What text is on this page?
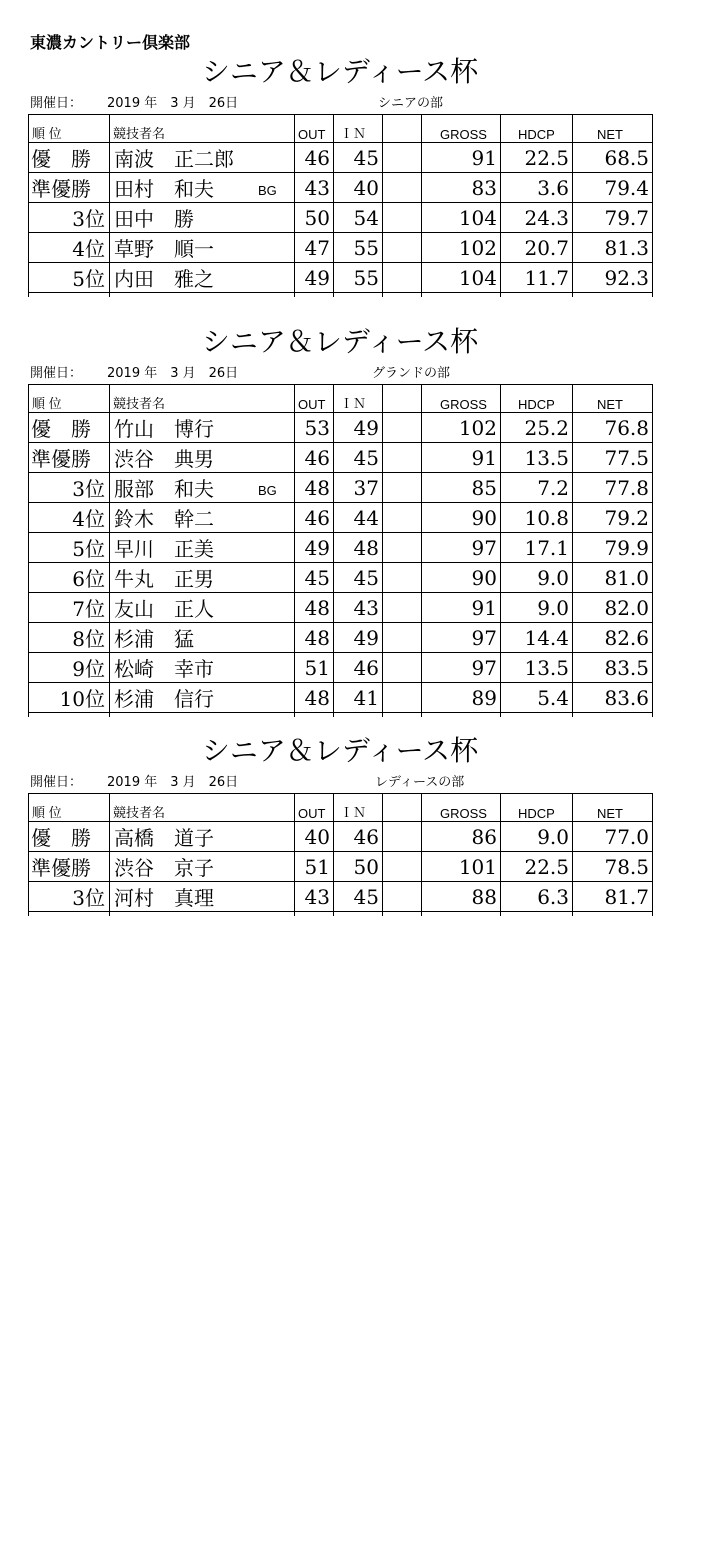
東濃カントリー倶楽部
シニア＆レディース杯
開催日： 2019 年　3 月　26日	シニアの部
順 位	競技者名	OUT	ＩＮ		GROSS	HDCP	NET
優　勝	南波　正二郎	46	45		91	22.5	68.5
準優勝	田村　和夫 BG	43	40		83	3.6	79.4
3位	田中　勝	50	54		104	24.3	79.7
4位	草野　順一	47	55		102	20.7	81.3
5位	内田　雅之	49	55		104	11.7	92.3

シニア＆レディース杯
開催日： 2019 年　3 月　26日	グランドの部
順 位	競技者名	OUT	ＩＮ		GROSS	HDCP	NET
優　勝	竹山　博行	53	49		102	25.2	76.8
準優勝	渋谷　典男	46	45		91	13.5	77.5
3位	服部　和夫 BG	48	37		85	7.2	77.8
4位	鈴木　幹二	46	44		90	10.8	79.2
5位	早川　正美	49	48		97	17.1	79.9
6位	牛丸　正男	45	45		90	9.0	81.0
7位	友山　正人	48	43		91	9.0	82.0
8位	杉浦　猛	48	49		97	14.4	82.6
9位	松崎　幸市	51	46		97	13.5	83.5
10位	杉浦　信行	48	41		89	5.4	83.6

シニア＆レディース杯
開催日： 2019 年　3 月　26日	レディースの部
順 位	競技者名	OUT	ＩＮ		GROSS	HDCP	NET
優　勝	高橋　道子	40	46		86	9.0	77.0
準優勝	渋谷　京子	51	50		101	22.5	78.5
3位	河村　真理	43	45		88	6.3	81.7
